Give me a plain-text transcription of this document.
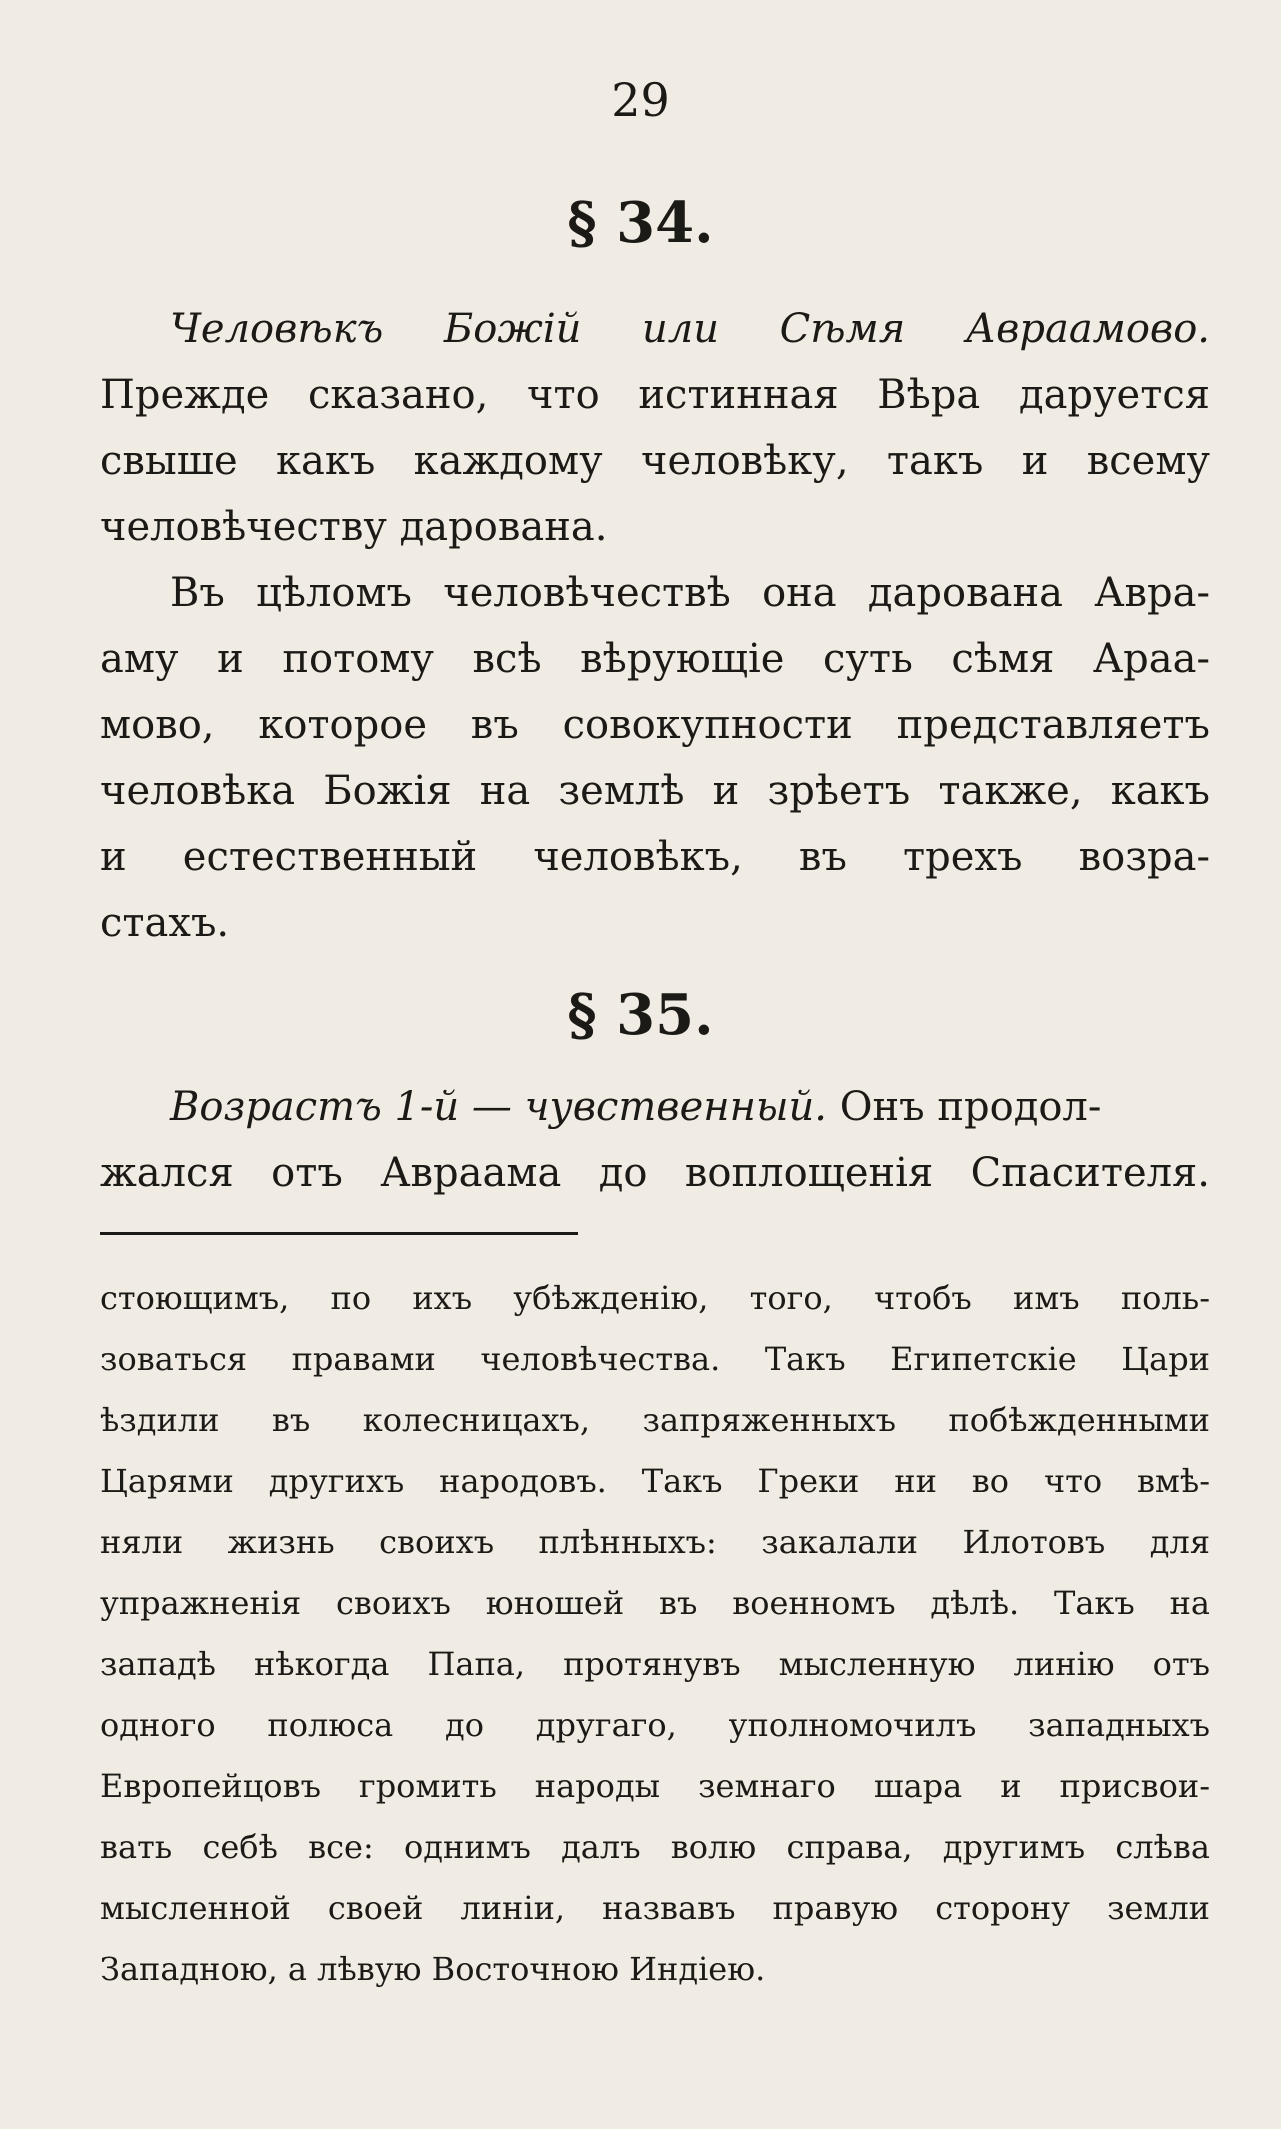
29
§ 34.
Человѣкъ Божій или Сѣмя Авраамово.
Прежде сказано, что истинная Вѣра даруется
свыше какъ каждому человѣку, такъ и всему
человѣчеству дарована.
Въ цѣломъ человѣчествѣ она дарована Авра-
аму и потому всѣ вѣрующіе суть сѣмя Араа-
мово, которое въ совокупности представляетъ
человѣка Божія на землѣ и зрѣетъ также, какъ
и естественный человѣкъ, въ трехъ возра-
стахъ.
§ 35.
Возрастъ 1-й — чувственный. Онъ продол-
жался отъ Авраама до воплощенія Спасителя.
стоющимъ, по ихъ убѣжденію, того, чтобъ имъ поль-
зоваться правами человѣчества. Такъ Египетскіе Цари
ѣздили въ колесницахъ, запряженныхъ побѣжденными
Царями другихъ народовъ. Такъ Греки ни во что вмѣ-
няли жизнь своихъ плѣнныхъ: закалали Илотовъ для
упражненія своихъ юношей въ военномъ дѣлѣ. Такъ на
западѣ нѣкогда Папа, протянувъ мысленную линію отъ
одного полюса до другаго, уполномочилъ западныхъ
Европейцовъ громить народы земнаго шара и присвои-
вать себѣ все: однимъ далъ волю справа, другимъ слѣва
мысленной своей линіи, назвавъ правую сторону земли
Западною, а лѣвую Восточною Индіею.
